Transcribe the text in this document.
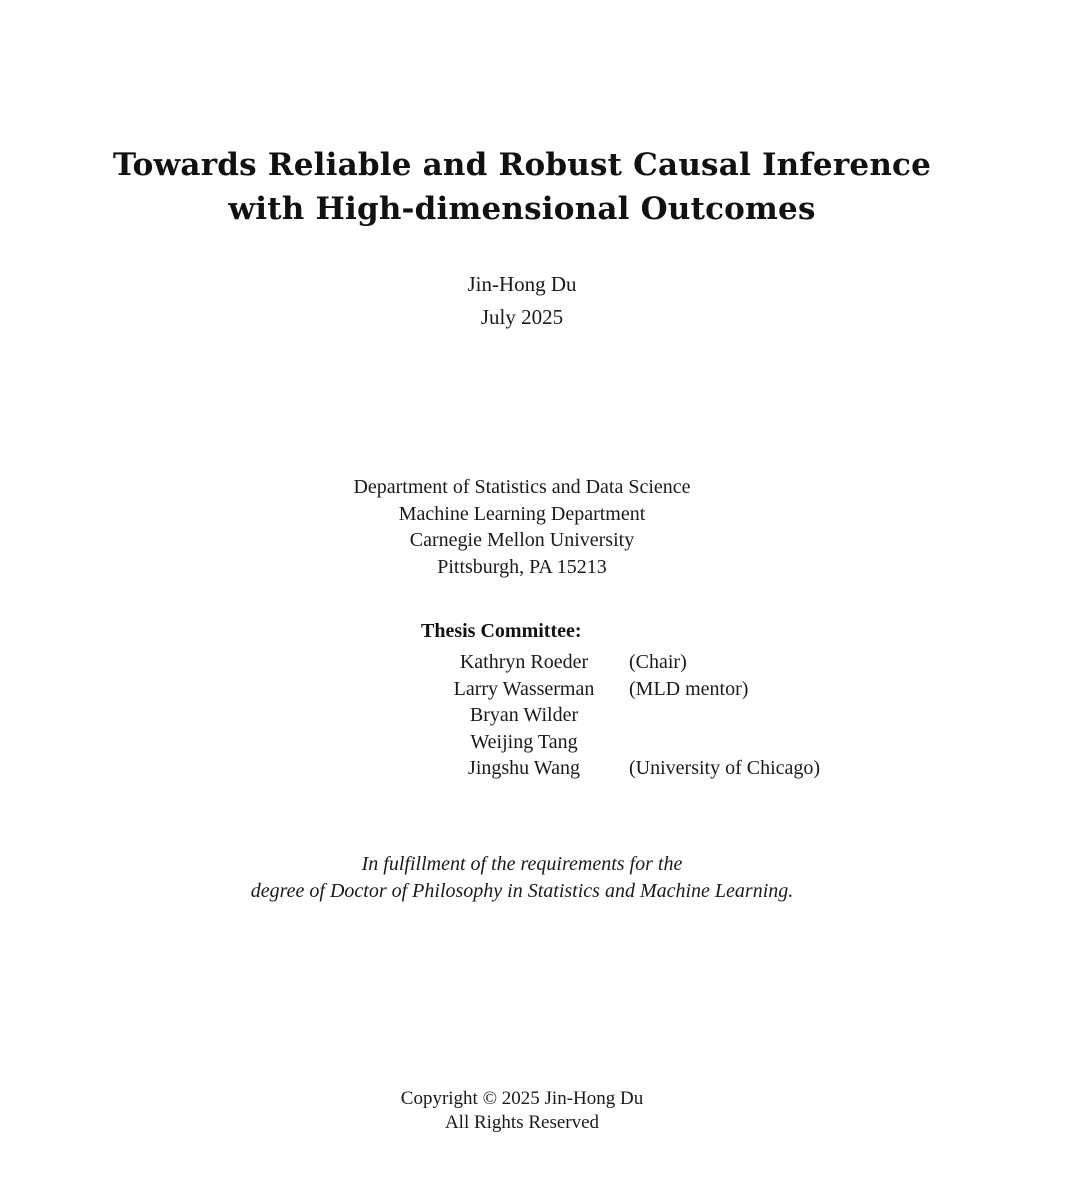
Towards Reliable and Robust Causal Inference
with High-dimensional Outcomes
Jin-Hong Du
July 2025
Department of Statistics and Data Science
Machine Learning Department
Carnegie Mellon University
Pittsburgh, PA 15213
Thesis Committee:
Kathryn Roeder	(Chair)
Larry Wasserman	(MLD mentor)
Bryan Wilder
Weijing Tang
Jingshu Wang	(University of Chicago)
In fulfillment of the requirements for the
degree of Doctor of Philosophy in Statistics and Machine Learning.
Copyright © 2025 Jin-Hong Du
All Rights Reserved
